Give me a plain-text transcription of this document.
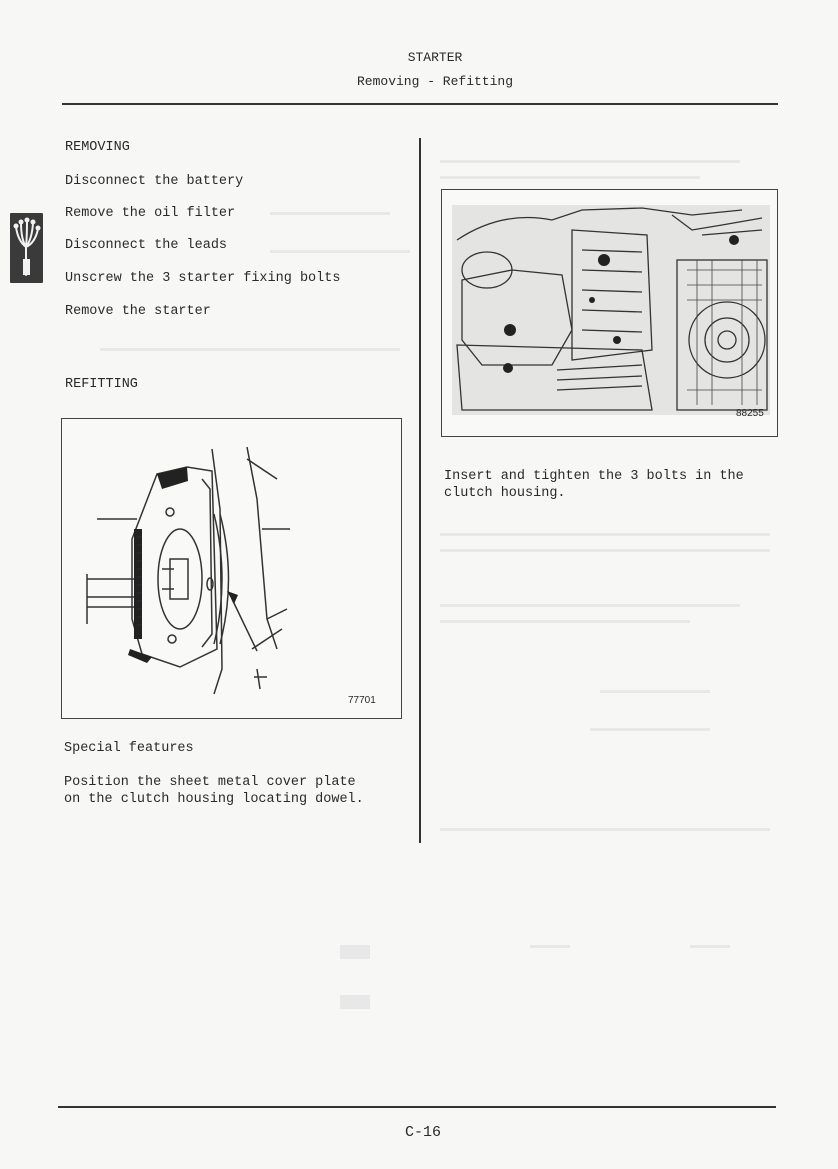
STARTER
Removing - Refitting
REMOVING
Disconnect the battery
Remove the oil filter
Disconnect the leads
Unscrew the 3 starter fixing bolts
Remove the starter
REFITTING
77701
Special features
Position the sheet metal cover plate
on the clutch housing locating dowel.
88255
Insert and tighten the 3 bolts in the
clutch housing.
C-16
